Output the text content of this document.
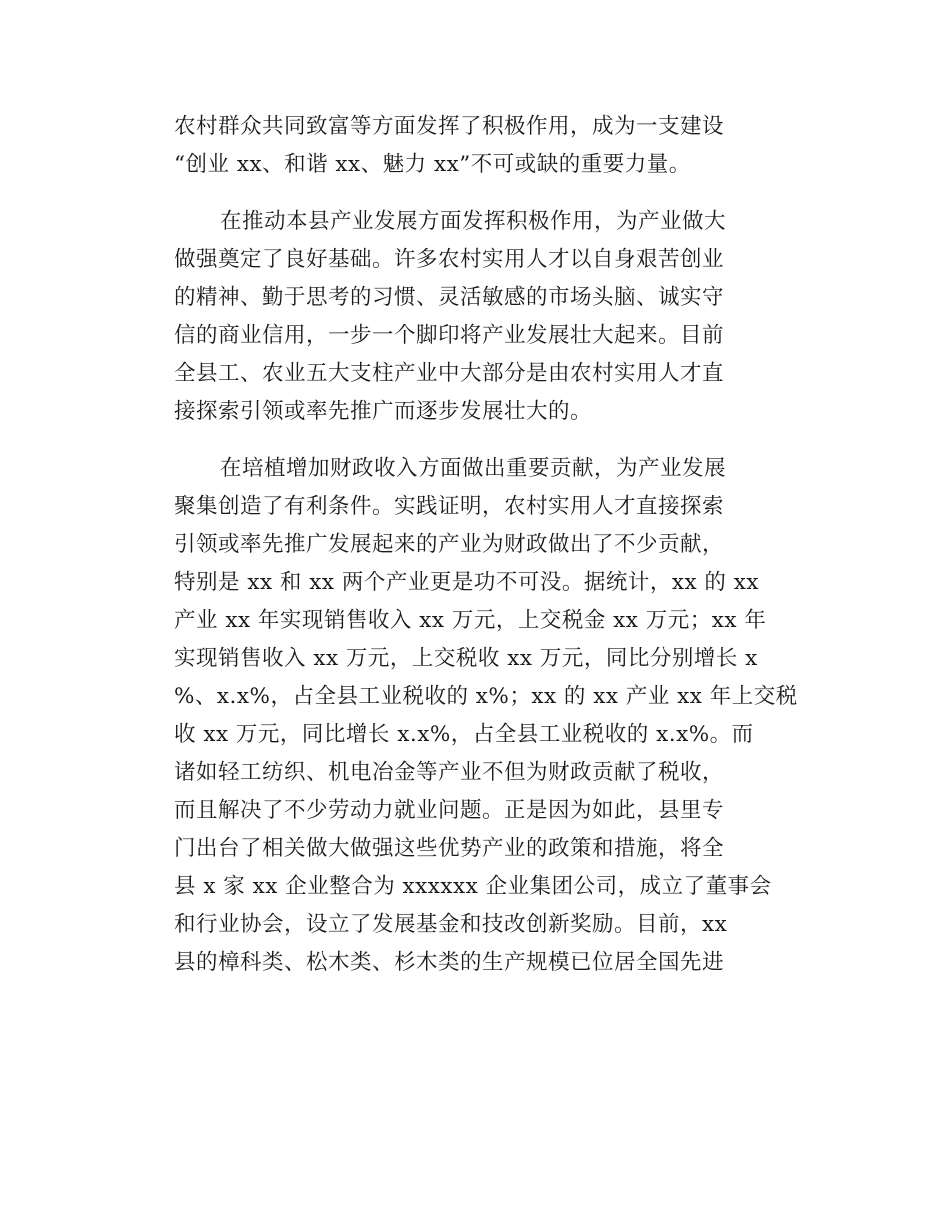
农村群众共同致富等方面发挥了积极作用，成为一支建设
“创业 xx、和谐 xx、魅力 xx”不可或缺的重要力量。

在推动本县产业发展方面发挥积极作用，为产业做大
做强奠定了良好基础。许多农村实用人才以自身艰苦创业
的精神、勤于思考的习惯、灵活敏感的市场头脑、诚实守
信的商业信用，一步一个脚印将产业发展壮大起来。目前
全县工、农业五大支柱产业中大部分是由农村实用人才直
接探索引领或率先推广而逐步发展壮大的。

在培植增加财政收入方面做出重要贡献，为产业发展
聚集创造了有利条件。实践证明，农村实用人才直接探索
引领或率先推广发展起来的产业为财政做出了不少贡献，
特别是 xx 和 xx 两个产业更是功不可没。据统计，xx 的 xx
产业 xx 年实现销售收入 xx 万元，上交税金 xx 万元；xx 年
实现销售收入 xx 万元，上交税收 xx 万元，同比分别增长 x
%、x.x%，占全县工业税收的 x%；xx 的 xx 产业 xx 年上交税
收 xx 万元，同比增长 x.x%，占全县工业税收的 x.x%。而
诸如轻工纺织、机电冶金等产业不但为财政贡献了税收，
而且解决了不少劳动力就业问题。正是因为如此，县里专
门出台了相关做大做强这些优势产业的政策和措施，将全
县 x 家 xx 企业整合为 xxxxxx 企业集团公司，成立了董事会
和行业协会，设立了发展基金和技改创新奖励。目前，xx
县的樟科类、松木类、杉木类的生产规模已位居全国先进
